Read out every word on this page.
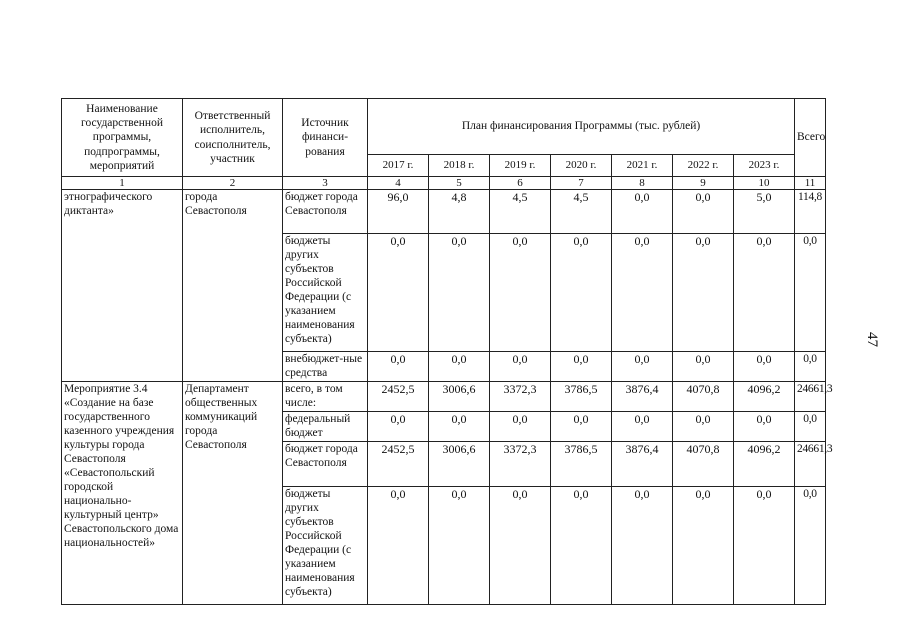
47
Наименование государственной программы, подпрограммы, мероприятий	Ответственный исполнитель, соисполнитель, участник	Источник финанси-рования	План финансирования Программы (тыс. рублей)							Всего
			2017 г.	2018 г.	2019 г.	2020 г.	2021 г.	2022 г.	2023 г.	
1	2	3	4	5	6	7	8	9	10	11
этнографического диктанта»	города Севастополя	бюджет города Севастополя	96,0	4,8	4,5	4,5	0,0	0,0	5,0	114,8
		бюджеты других субъектов Российской Федерации (с указанием наименования субъекта)	0,0	0,0	0,0	0,0	0,0	0,0	0,0	0,0
		внебюджет-ные средства	0,0	0,0	0,0	0,0	0,0	0,0	0,0	0,0
Мероприятие 3.4 «Создание на базе государственного казенного учреждения культуры города Севастополя «Севастопольский городской национально-культурный центр» Севастопольского дома национальностей»	Департамент общественных коммуникаций города Севастополя	всего, в том числе:	2452,5	3006,6	3372,3	3786,5	3876,4	4070,8	4096,2	24661,3
		федеральный бюджет	0,0	0,0	0,0	0,0	0,0	0,0	0,0	0,0
		бюджет города Севастополя	2452,5	3006,6	3372,3	3786,5	3876,4	4070,8	4096,2	24661,3
		бюджеты других субъектов Российской Федерации (с указанием наименования субъекта)	0,0	0,0	0,0	0,0	0,0	0,0	0,0	0,0
